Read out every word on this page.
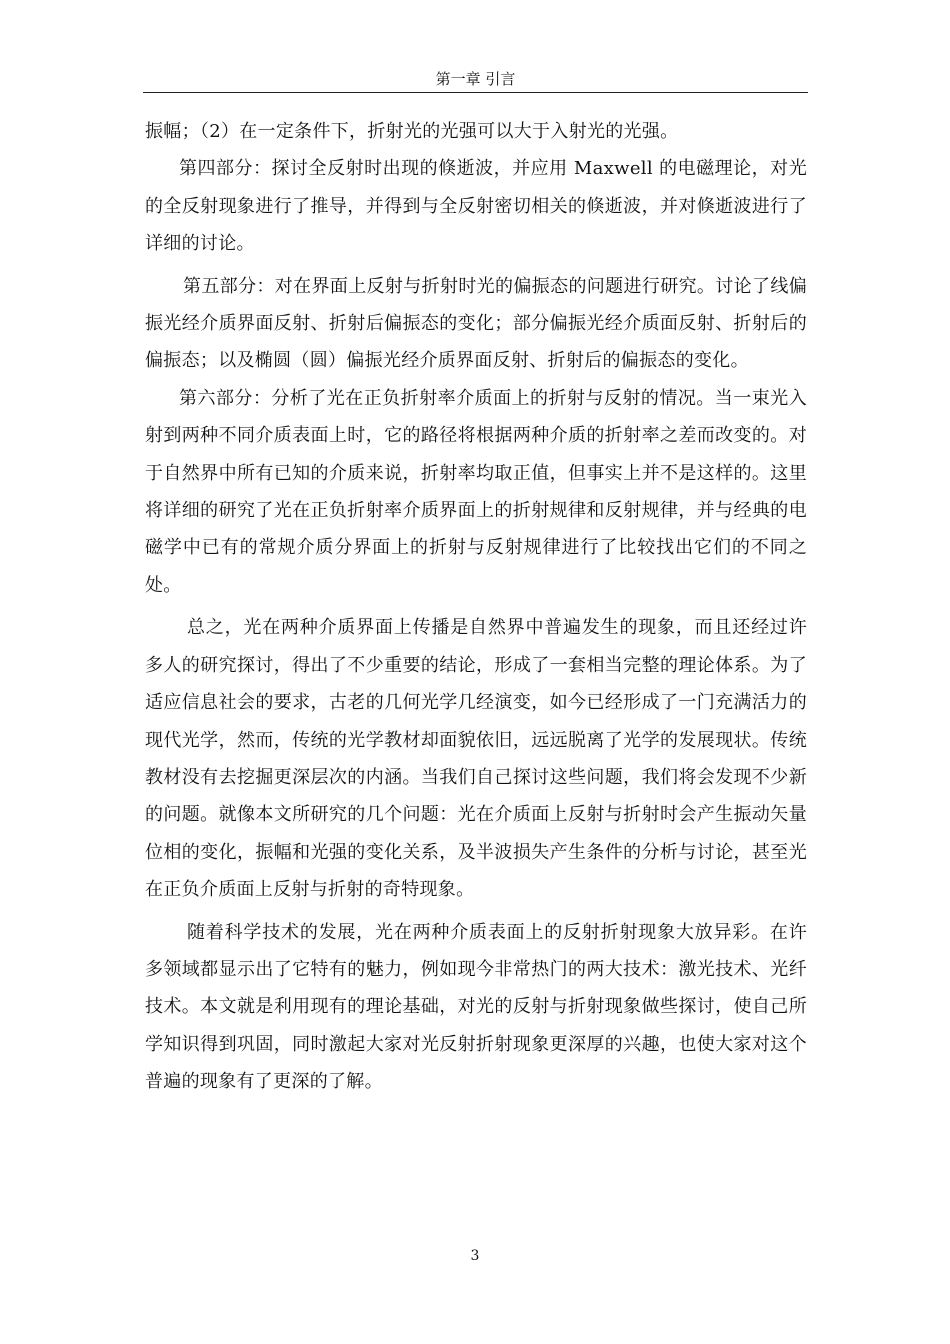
第一章 引言

振幅；（2）在一定条件下，折射光的光强可以大于入射光的光强。

第四部分：探讨全反射时出现的倏逝波，并应用 Maxwell 的电磁理论，对光的全反射现象进行了推导，并得到与全反射密切相关的倏逝波，并对倏逝波进行了详细的讨论。

第五部分：对在界面上反射与折射时光的偏振态的问题进行研究。讨论了线偏振光经介质界面反射、折射后偏振态的变化；部分偏振光经介质面反射、折射后的偏振态；以及椭圆（圆）偏振光经介质界面反射、折射后的偏振态的变化。

第六部分：分析了光在正负折射率介质面上的折射与反射的情况。当一束光入射到两种不同介质表面上时，它的路径将根据两种介质的折射率之差而改变的。对于自然界中所有已知的介质来说，折射率均取正值，但事实上并不是这样的。这里将详细的研究了光在正负折射率介质界面上的折射规律和反射规律，并与经典的电磁学中已有的常规介质分界面上的折射与反射规律进行了比较找出它们的不同之处。

总之，光在两种介质界面上传播是自然界中普遍发生的现象，而且还经过许多人的研究探讨，得出了不少重要的结论，形成了一套相当完整的理论体系。为了适应信息社会的要求，古老的几何光学几经演变，如今已经形成了一门充满活力的现代光学，然而，传统的光学教材却面貌依旧，远远脱离了光学的发展现状。传统教材没有去挖掘更深层次的内涵。当我们自己探讨这些问题，我们将会发现不少新的问题。就像本文所研究的几个问题：光在介质面上反射与折射时会产生振动矢量位相的变化，振幅和光强的变化关系，及半波损失产生条件的分析与讨论，甚至光在正负介质面上反射与折射的奇特现象。

随着科学技术的发展，光在两种介质表面上的反射折射现象大放异彩。在许多领域都显示出了它特有的魅力，例如现今非常热门的两大技术：激光技术、光纤技术。本文就是利用现有的理论基础，对光的反射与折射现象做些探讨，使自己所学知识得到巩固，同时激起大家对光反射折射现象更深厚的兴趣，也使大家对这个普遍的现象有了更深的了解。

3
